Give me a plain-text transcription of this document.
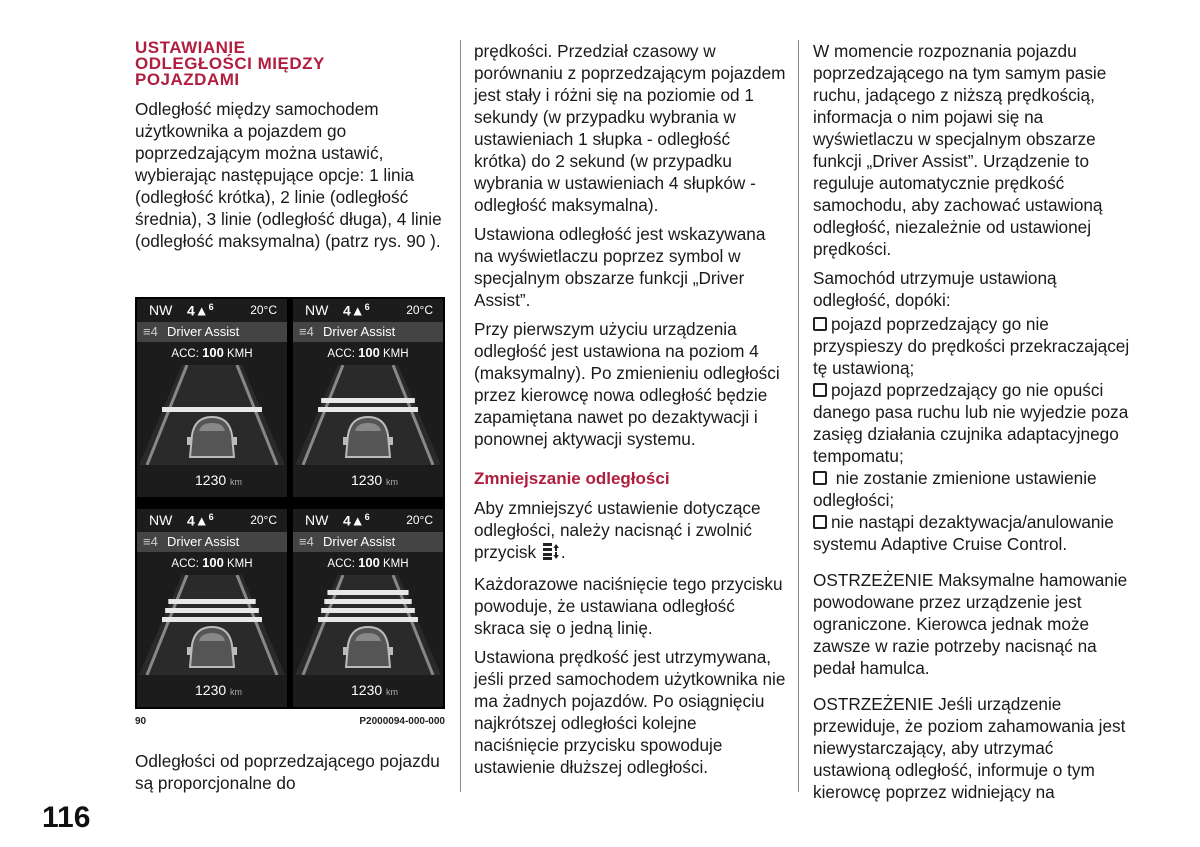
USTAWIANIE
ODLEGŁOŚCI MIĘDZY
POJAZDAMI

Odległość między samochodem użytkownika a pojazdem go poprzedzającym można ustawić, wybierając następujące opcje: 1 linia (odległość krótka), 2 linie (odległość średnia), 3 linie (odległość długa), 4 linie (odległość maksymalna) (patrz rys. 90 ).

NW 4▲$^6$	20°C
≡4 Driver Assist
ACC: 100 KMH
1230 km
NW 4▲$^6$	20°C
≡4 Driver Assist
ACC: 100 KMH
1230 km
NW 4▲$^6$	20°C
≡4 Driver Assist
ACC: 100 KMH
1230 km
NW 4▲$^6$	20°C
≡4 Driver Assist
ACC: 100 KMH
1230 km
90	P2000094-000-000

Odległości od poprzedzającego pojazdu są proporcjonalne do

prędkości. Przedział czasowy w porównaniu z poprzedzającym pojazdem jest stały i różni się na poziomie od 1 sekundy (w przypadku wybrania w ustawieniach 1 słupka - odległość krótka) do 2 sekund (w przypadku wybrania w ustawieniach 4 słupków - odległość maksymalna).

Ustawiona odległość jest wskazywana na wyświetlaczu poprzez symbol w specjalnym obszarze funkcji „Driver Assist”.

Przy pierwszym użyciu urządzenia odległość jest ustawiona na poziom 4 (maksymalny). Po zmienieniu odległości przez kierowcę nowa odległość będzie zapamiętana nawet po dezaktywacji i ponownej aktywacji systemu.

Zmniejszanie odległości

Aby zmniejszyć ustawienie dotyczące odległości, należy nacisnąć i zwolnić przycisk .

Każdorazowe naciśnięcie tego przycisku powoduje, że ustawiana odległość skraca się o jedną linię.

Ustawiona prędkość jest utrzymywana, jeśli przed samochodem użytkownika nie ma żadnych pojazdów. Po osiągnięciu najkrótszej odległości kolejne naciśnięcie przycisku spowoduje ustawienie dłuższej odległości.

W momencie rozpoznania pojazdu poprzedzającego na tym samym pasie ruchu, jadącego z niższą prędkością, informacja o nim pojawi się na wyświetlaczu w specjalnym obszarze funkcji „Driver Assist”. Urządzenie to reguluje automatycznie prędkość samochodu, aby zachować ustawioną odległość, niezależnie od ustawionej prędkości.

Samochód utrzymuje ustawioną odległość, dopóki:

pojazd poprzedzający go nie przyspieszy do prędkości przekraczającej tę ustawioną;
pojazd poprzedzający go nie opuści danego pasa ruchu lub nie wyjedzie poza zasięg działania czujnika adaptacyjnego tempomatu;
nie zostanie zmienione ustawienie odległości;
nie nastąpi dezaktywacja/anulowanie systemu Adaptive Cruise Control.

OSTRZEŻENIE Maksymalne hamowanie powodowane przez urządzenie jest ograniczone. Kierowca jednak może zawsze w razie potrzeby nacisnąć na pedał hamulca.

OSTRZEŻENIE Jeśli urządzenie przewiduje, że poziom zahamowania jest niewystarczający, aby utrzymać ustawioną odległość, informuje o tym kierowcę poprzez widniejący na

116
